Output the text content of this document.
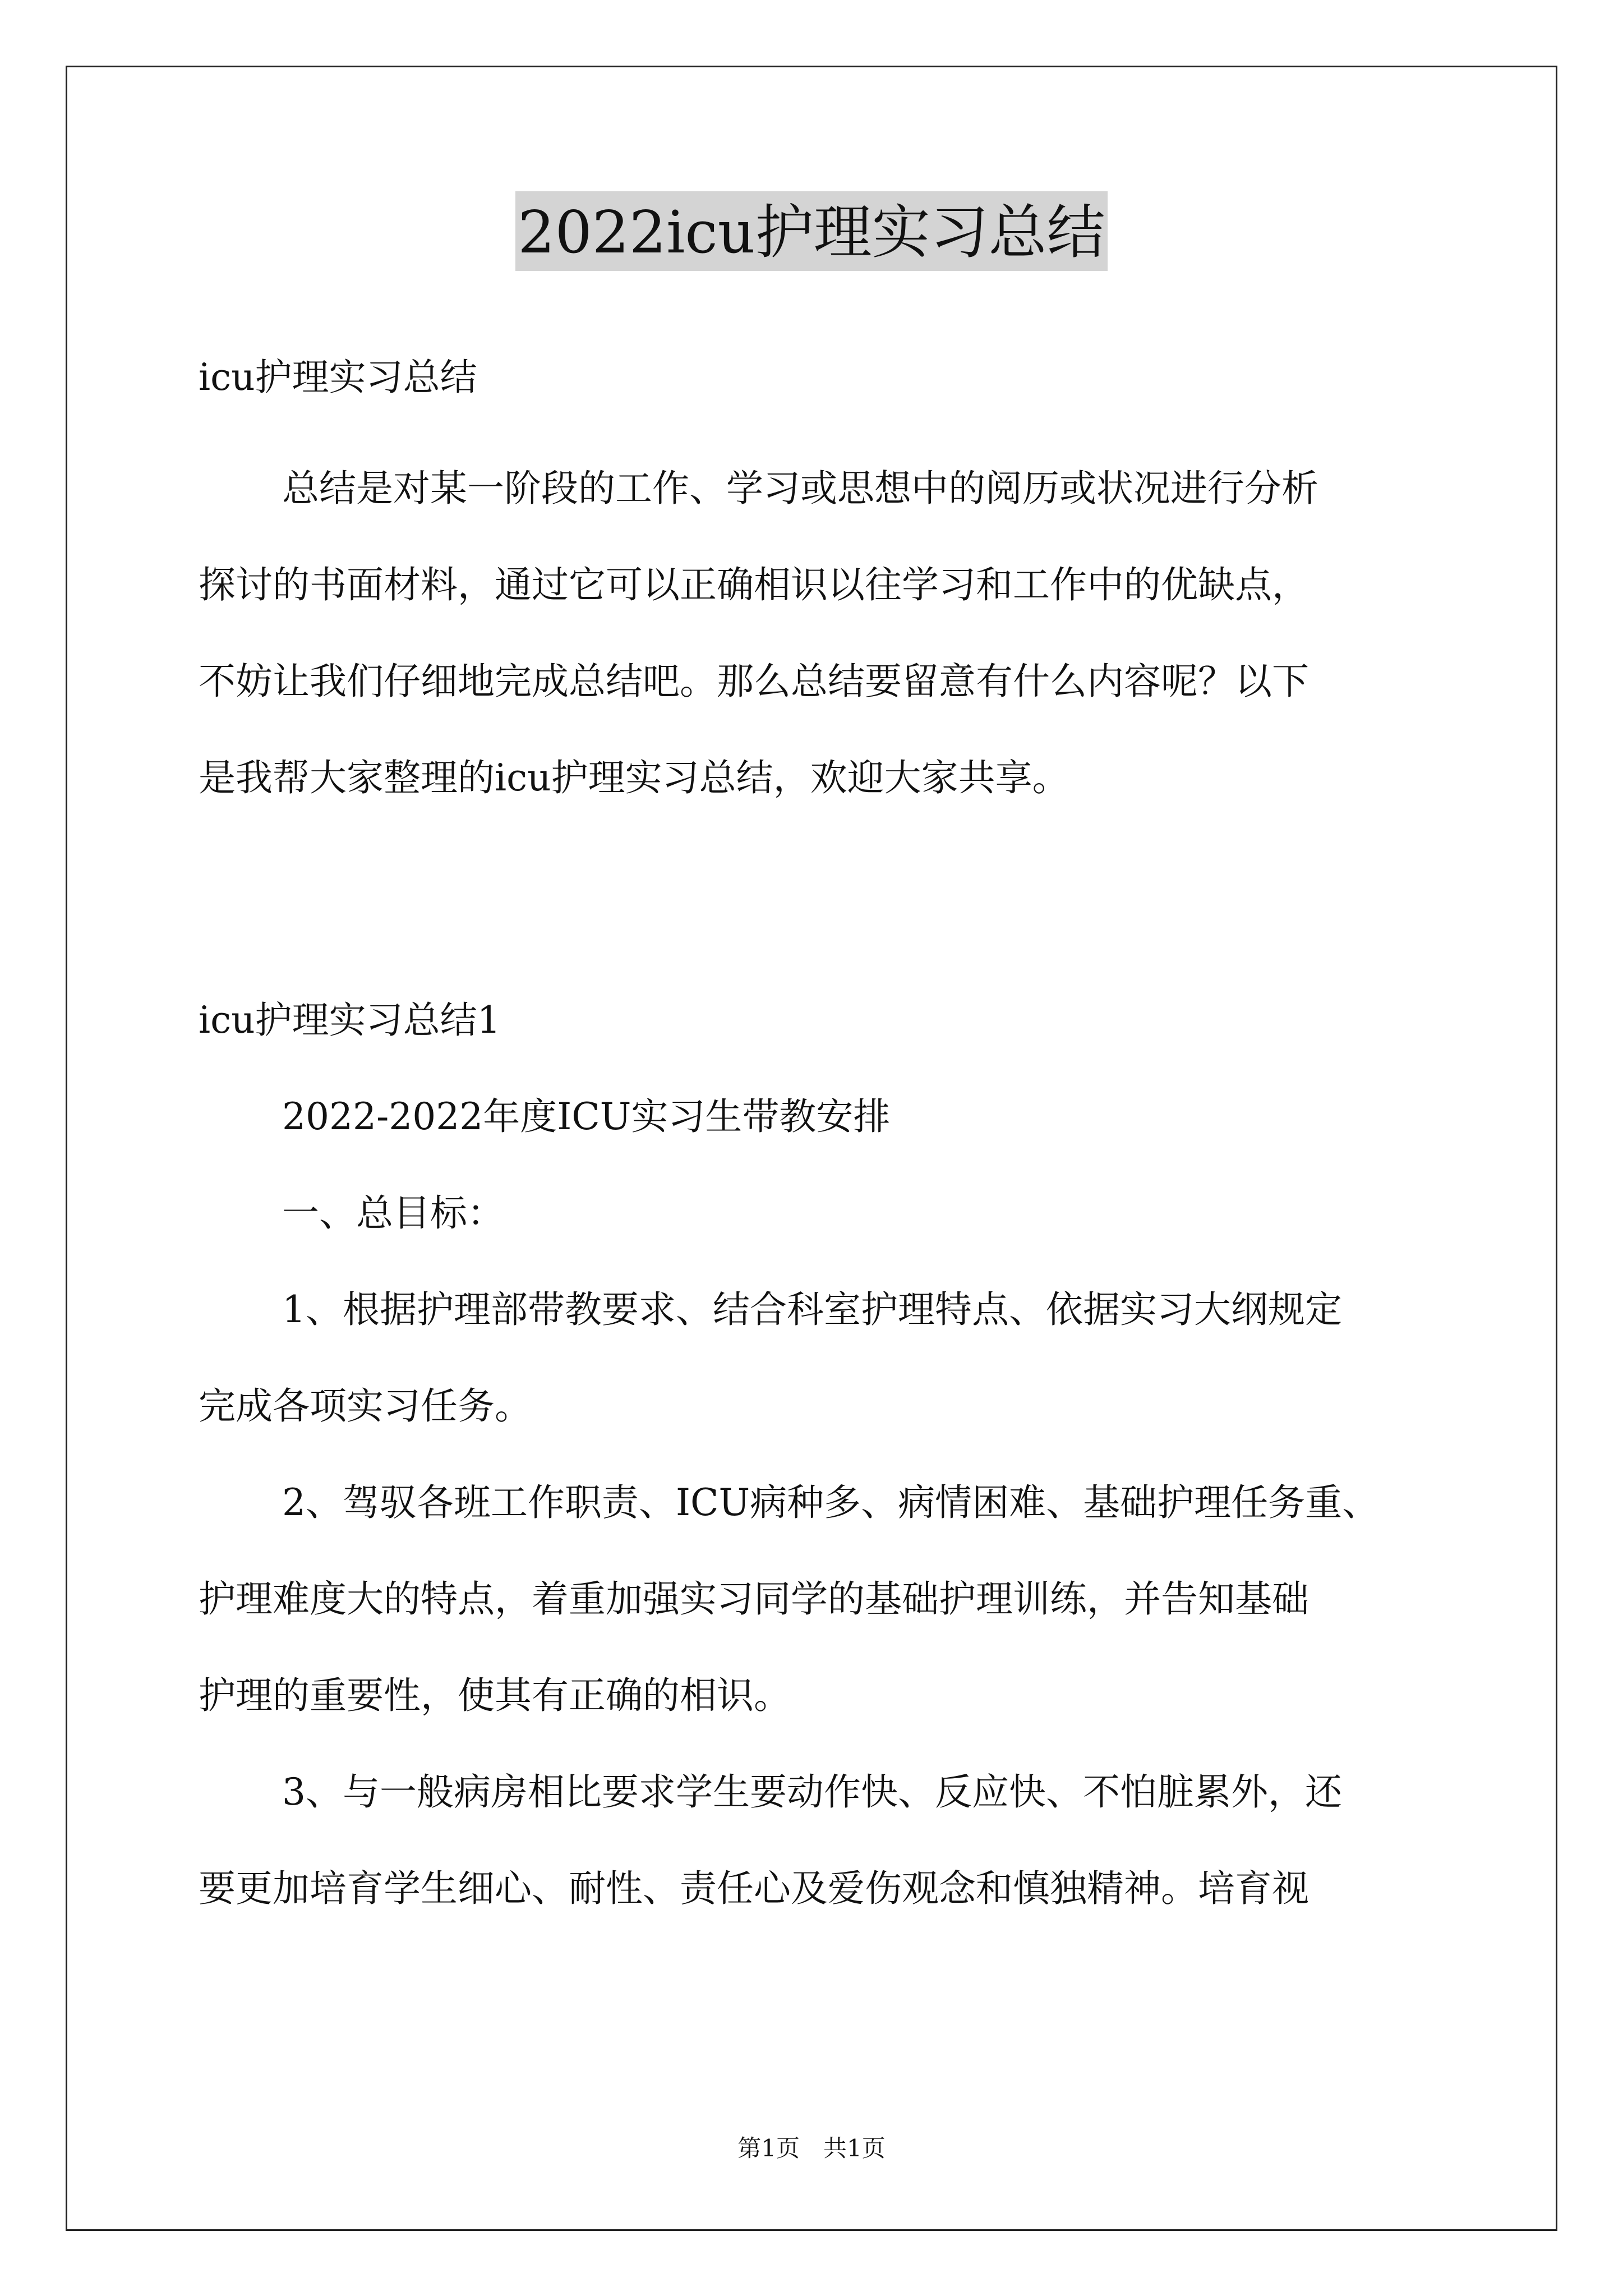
2022icu护理实习总结

icu护理实习总结

总结是对某一阶段的工作、学习或思想中的阅历或状况进行分析

探讨的书面材料，通过它可以正确相识以往学习和工作中的优缺点，

不妨让我们仔细地完成总结吧。那么总结要留意有什么内容呢？以下

是我帮大家整理的icu护理实习总结，欢迎大家共享。

icu护理实习总结1

2022-2022年度ICU实习生带教安排

一、总目标：

1、根据护理部带教要求、结合科室护理特点、依据实习大纲规定

完成各项实习任务。

2、驾驭各班工作职责、ICU病种多、病情困难、基础护理任务重、

护理难度大的特点，着重加强实习同学的基础护理训练，并告知基础

护理的重要性，使其有正确的相识。

3、与一般病房相比要求学生要动作快、反应快、不怕脏累外，还

要更加培育学生细心、耐性、责任心及爱伤观念和慎独精神。培育视

第1页　共1页
